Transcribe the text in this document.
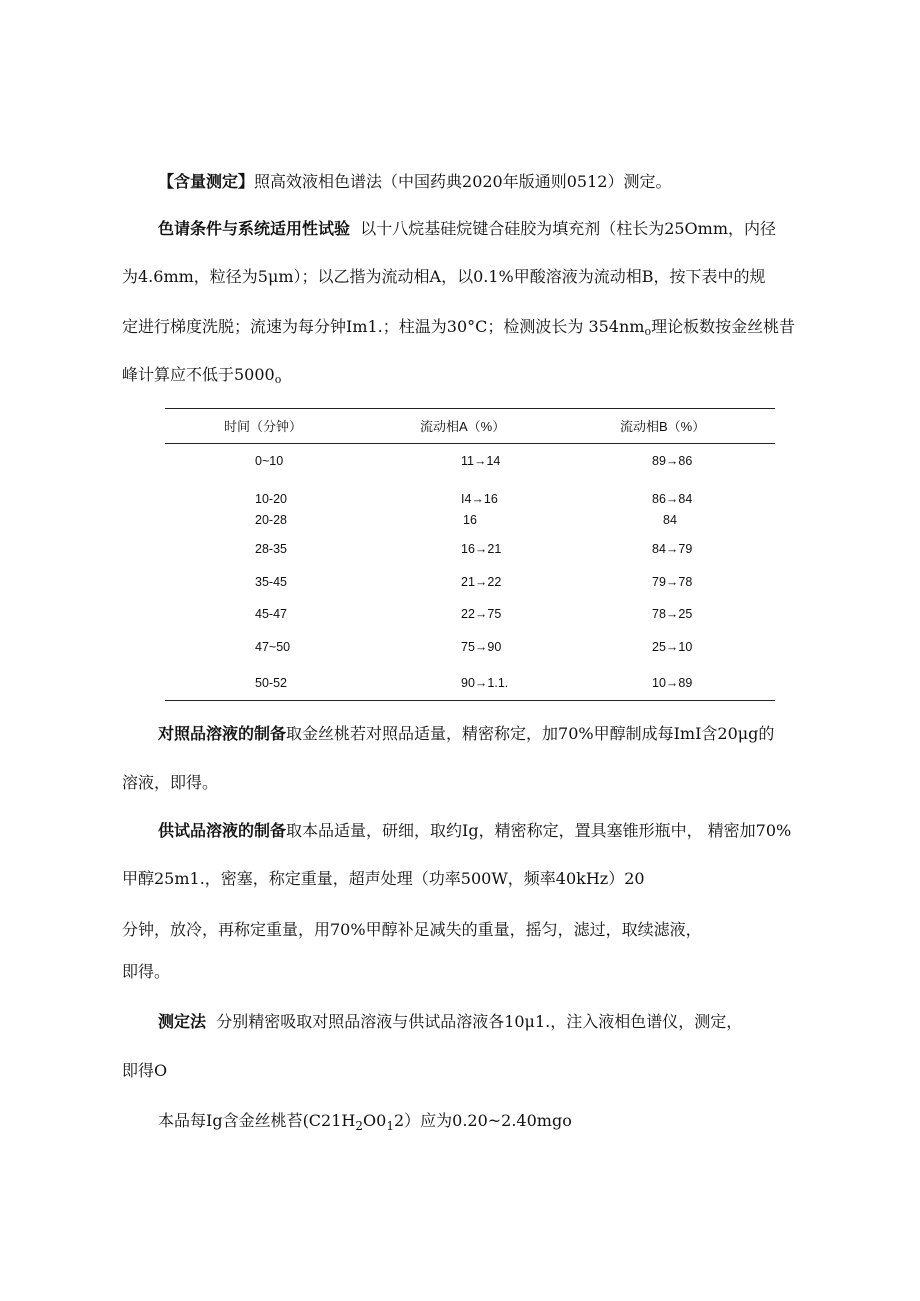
【含量测定】照高效液相色谱法（中国药典2020年版通则0512）测定。
色请条件与系统适用性试验 以十八烷基硅烷键合硅胶为填充剂（柱长为25Omm，内径
为4.6mm，粒径为5μm）；以乙揩为流动相A，以0.1%甲酸溶液为流动相B，按下表中的规
定进行梯度洗脱；流速为每分钟Im1.；柱温为30°C；检测波长为 $354nm_o$理论板数按金丝桃昔
峰计算应不低于$5000_o$
时间（分钟）	流动相A（%）	流动相B（%）
0~10	11→14	89→86
10-20	I4→16	86→84
20-28	16	84
28-35	16→21	84→79
35-45	21→22	79→78
45-47	22→75	78→25
47~50	75→90	25→10
50-52	90→1.1.	10→89
对照品溶液的制备取金丝桃若对照品适量，精密称定，加70%甲醇制成每ImI含20μg的
溶液，即得。
供试品溶液的制备取本品适量，研细，取约Ig，精密称定，置具塞锥形瓶中， 精密加70%
甲醇25m1.，密塞，称定重量，超声处理（功率500W，频率40kHz）20
分钟，放冷，再称定重量，用70%甲醇补足减失的重量，摇匀，滤过，取续滤液，
即得。
测定法 分别精密吸取对照品溶液与供试品溶液各10μ1.，注入液相色谱仪，测定，
即得O
本品每Ig含金丝桃苔$(C21H_2O0_12)$应为0.20~2.40mgo
